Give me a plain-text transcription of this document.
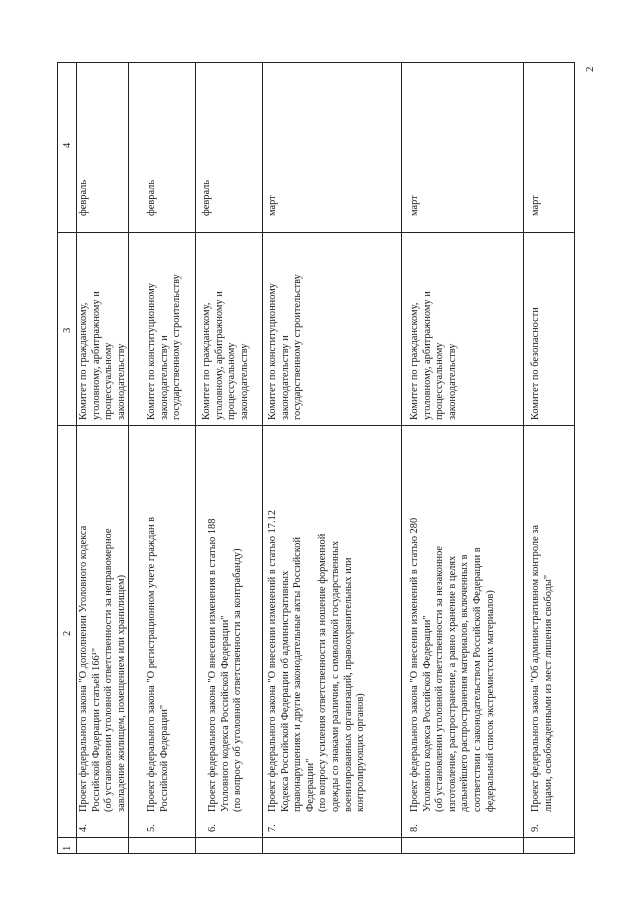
1
2
3
4
4.
Проект федерального закона "О дополнении Уголовного кодекса Российской Федерации статьей 166¹" (об установлении уголовной ответственности за неправомерное завладение жилищем, помещением или хранилищем)
Комитет по гражданскому, уголовному, арбитражному и процессуальному законодательству
февраль
5.
Проект федерального закона "О регистрационном учете граждан в Российской Федерации"
Комитет по конституционному законодательству и государственному строительству
февраль
6.
Проект федерального закона "О внесении изменения в статью 188 Уголовного кодекса Российской Федерации" (по вопросу об уголовной ответственности за контрабанду)
Комитет по гражданскому, уголовному, арбитражному и процессуальному законодательству
февраль
7.
Проект федерального закона "О внесении изменений в статью 17.12 Кодекса Российской Федерации об административных правонарушениях и другие законодательные акты Российской Федерации" (по вопросу усиления ответственности за ношение форменной одежды со знаками различия, с символикой государственных военизированных организаций, правоохранительных или контролирующих органов)
Комитет по конституционному законодательству и государственному строительству
март
8.
Проект федерального закона "О внесении изменений в статью 280 Уголовного кодекса Российской Федерации" (об установлении уголовной ответственности за незаконное изготовление, распространение, а равно хранение в целях дальнейшего распространения материалов, включенных в соответствии с законодательством Российской Федерации в федеральный список экстремистских материалов)
Комитет по гражданскому, уголовному, арбитражному и процессуальному законодательству
март
9.
Проект федерального закона "Об административном контроле за лицами, освобожденными из мест лишения свободы"
Комитет по безопасности
март
2
